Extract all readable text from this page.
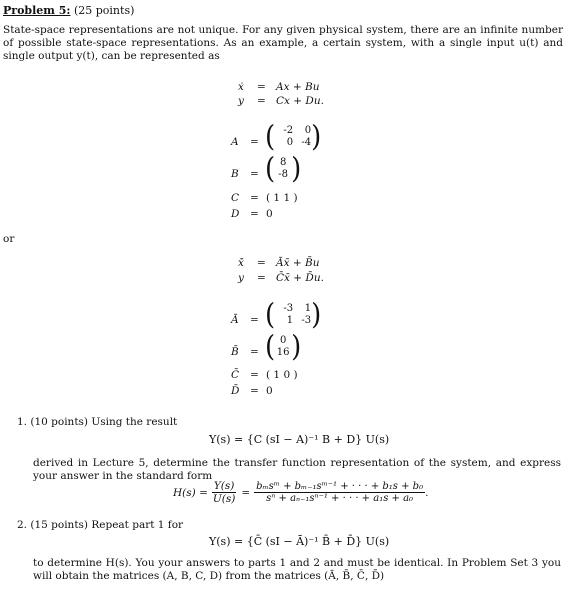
Problem 5: (25 points)
State-space representations are not unique. For any given physical system, there are an infinite number of possible state-space representations. As an example, a certain system, with a single input u(t) and single output y(t), can be represented as
ẋ = Ax + Bu
y = Cx + Du.
A = ( -2	0
0 -4 )
B = ( 8
-8 )
C = ( 1 1 )
D = 0
or
x̄̇ = Āx̄ + B̄u
y = C̄x̄ + D̄u.
Ā = ( -3	1
1 -3 )
B̄ = ( 0
16 )
C̄ = ( 1 0 )
D̄ = 0
1. (10 points) Using the result
Y(s) = {C (sI − A)⁻¹ B + D} U(s)
derived in Lecture 5, determine the transfer function representation of the system, and express your answer in the standard form
$H(s) = \frac{Y(s)}{U(s)} = \frac{\text{bₘsᵐ + bₘ₋₁sᵐ⁻¹ + · · · + b₁s + b₀}}{\text{sⁿ + aₙ₋₁sⁿ⁻¹ + · · · + a₁s + a₀}}$ .
2. (15 points) Repeat part 1 for
Y(s) = {C̄ (sI − Ā)⁻¹ B̄ + D̄} U(s)
to determine H(s). You your answers to parts 1 and 2 and must be identical. In Problem Set 3 you will obtain the matrices (A, B, C, D) from the matrices (Ā, B̄, C̄, D̄)
